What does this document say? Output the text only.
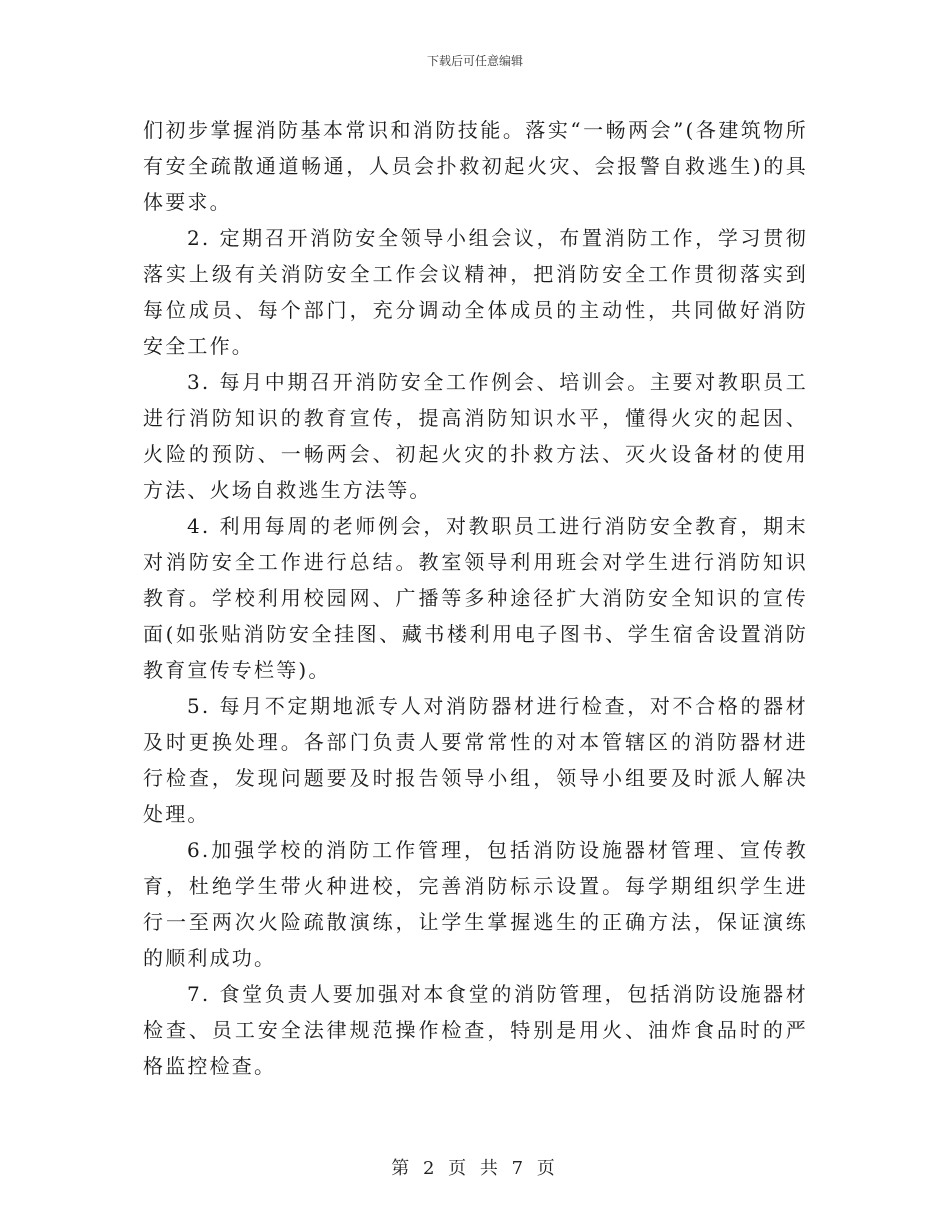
下载后可任意编辑

们初步掌握消防基本常识和消防技能。落实“一畅两会”(各建筑物所有安全疏散通道畅通，人员会扑救初起火灾、会报警自救逃生)的具体要求。

2. 定期召开消防安全领导小组会议，布置消防工作，学习贯彻落实上级有关消防安全工作会议精神，把消防安全工作贯彻落实到每位成员、每个部门，充分调动全体成员的主动性，共同做好消防安全工作。

3. 每月中期召开消防安全工作例会、培训会。主要对教职员工进行消防知识的教育宣传，提高消防知识水平，懂得火灾的起因、火险的预防、一畅两会、初起火灾的扑救方法、灭火设备材的使用方法、火场自救逃生方法等。

4. 利用每周的老师例会，对教职员工进行消防安全教育，期末对消防安全工作进行总结。教室领导利用班会对学生进行消防知识教育。学校利用校园网、广播等多种途径扩大消防安全知识的宣传面(如张贴消防安全挂图、藏书楼利用电子图书、学生宿舍设置消防教育宣传专栏等)。

5. 每月不定期地派专人对消防器材进行检查，对不合格的器材及时更换处理。各部门负责人要常常性的对本管辖区的消防器材进行检查，发现问题要及时报告领导小组，领导小组要及时派人解决处理。

6.加强学校的消防工作管理，包括消防设施器材管理、宣传教育，杜绝学生带火种进校，完善消防标示设置。每学期组织学生进行一至两次火险疏散演练，让学生掌握逃生的正确方法，保证演练的顺利成功。

7. 食堂负责人要加强对本食堂的消防管理，包括消防设施器材检查、员工安全法律规范操作检查，特别是用火、油炸食品时的严格监控检查。

第 2 页 共 7 页
